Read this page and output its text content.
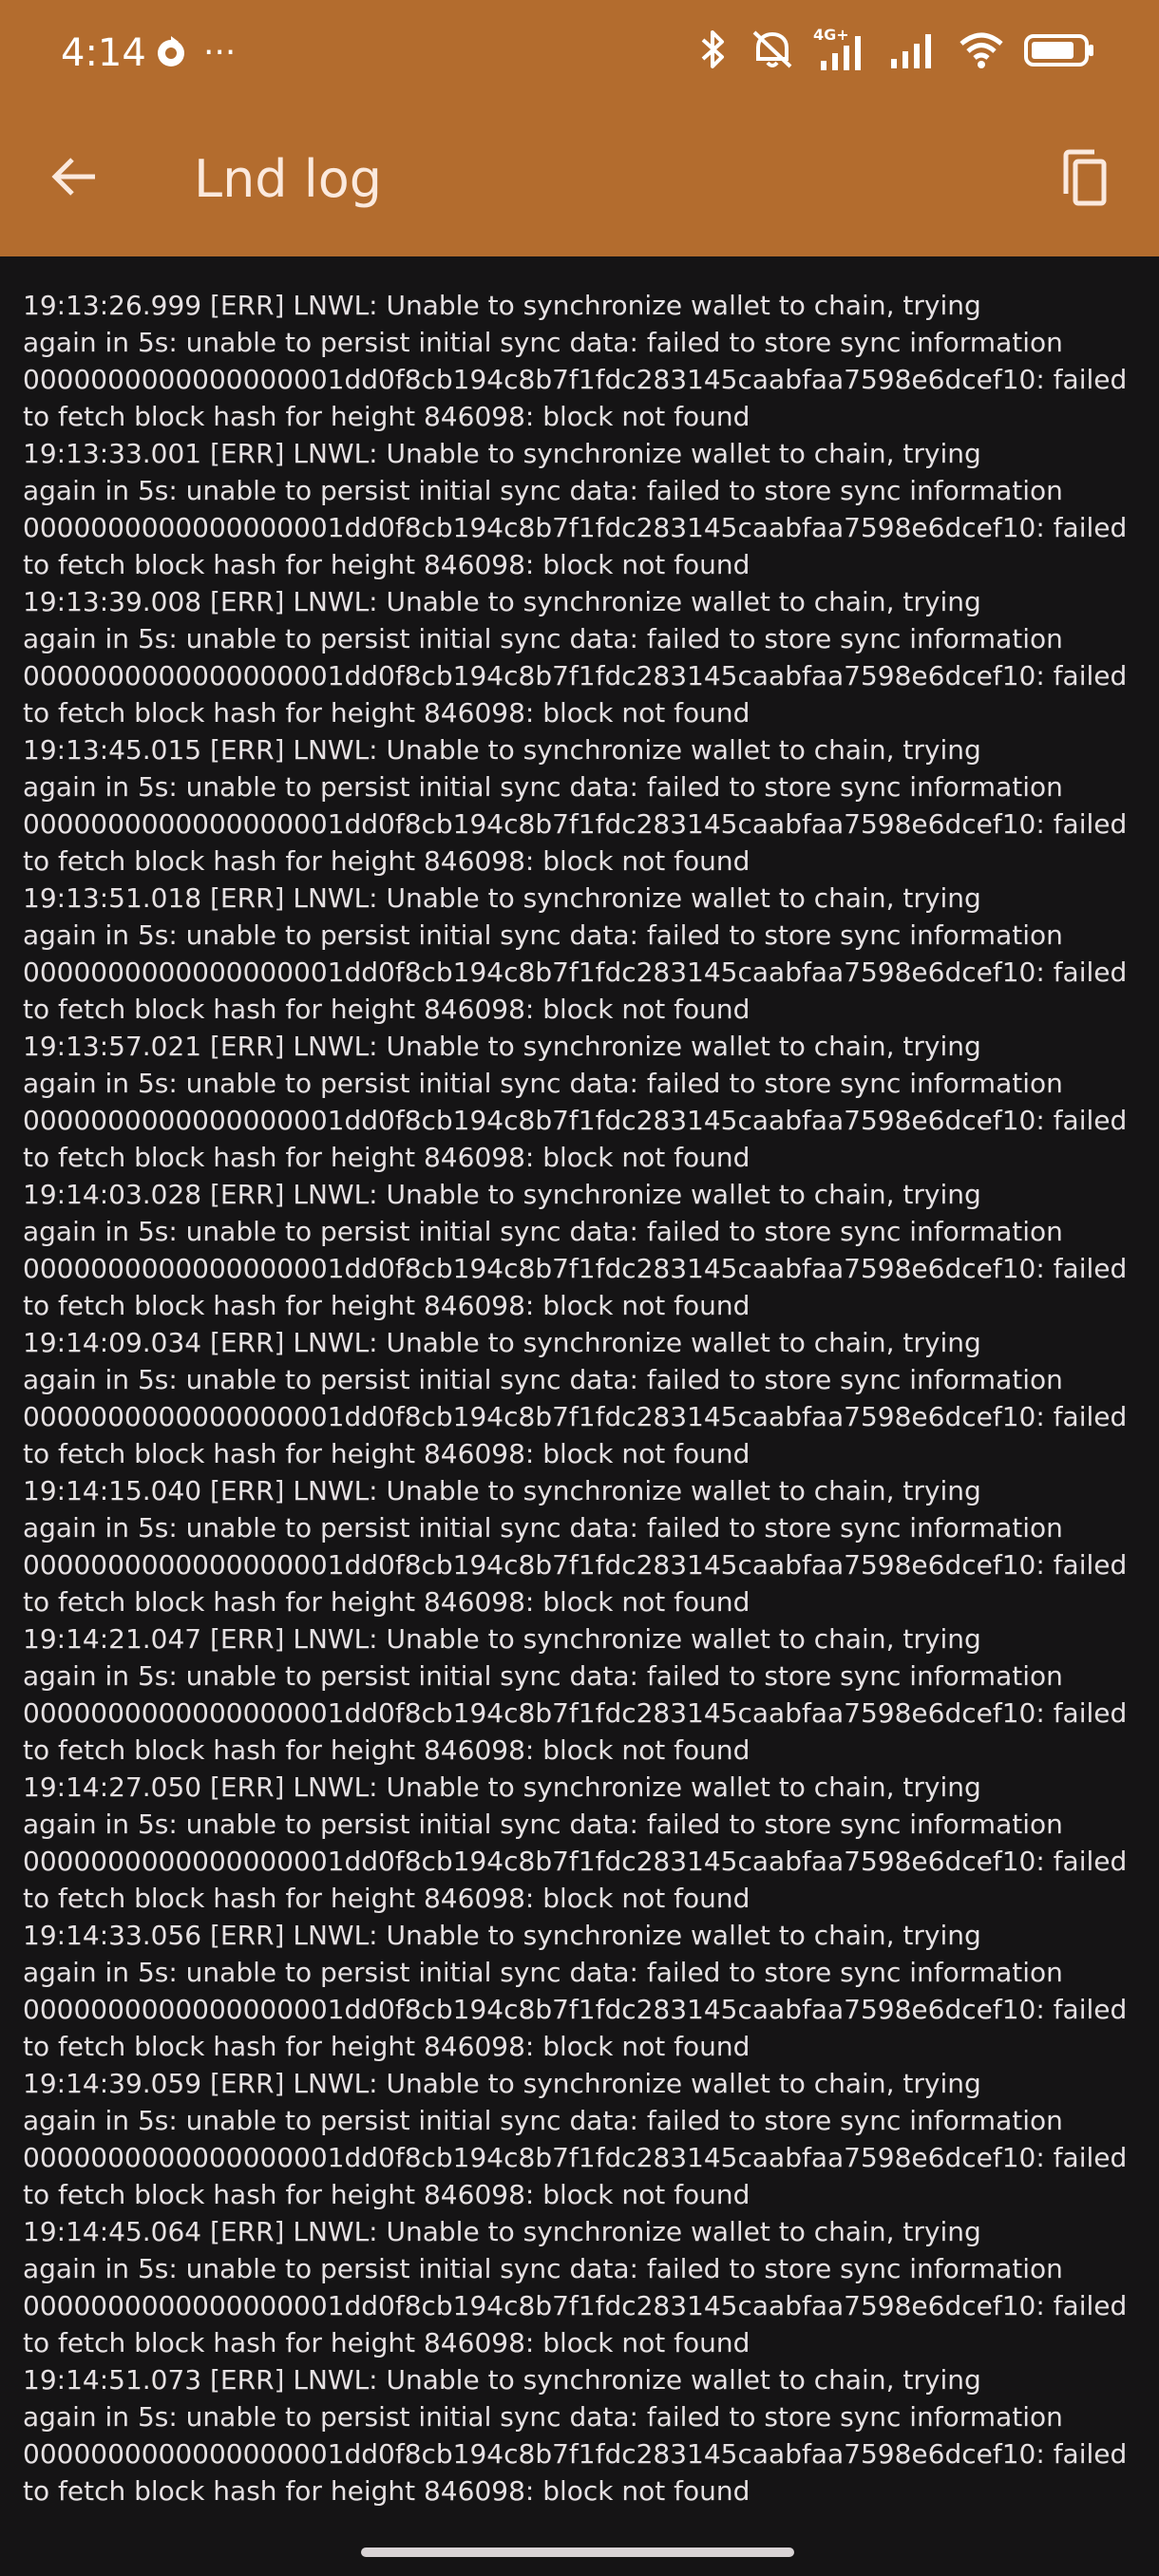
4:14 ···	4G+
Lnd log
19:13:26.999 [ERR] LNWL: Unable to synchronize wallet to chain, trying
again in 5s: unable to persist initial sync data: failed to store sync information
0000000000000000001dd0f8cb194c8b7f1fdc283145caabfaa7598e6dcef10: failed
to fetch block hash for height 846098: block not found
19:13:33.001 [ERR] LNWL: Unable to synchronize wallet to chain, trying
again in 5s: unable to persist initial sync data: failed to store sync information
0000000000000000001dd0f8cb194c8b7f1fdc283145caabfaa7598e6dcef10: failed
to fetch block hash for height 846098: block not found
19:13:39.008 [ERR] LNWL: Unable to synchronize wallet to chain, trying
again in 5s: unable to persist initial sync data: failed to store sync information
0000000000000000001dd0f8cb194c8b7f1fdc283145caabfaa7598e6dcef10: failed
to fetch block hash for height 846098: block not found
19:13:45.015 [ERR] LNWL: Unable to synchronize wallet to chain, trying
again in 5s: unable to persist initial sync data: failed to store sync information
0000000000000000001dd0f8cb194c8b7f1fdc283145caabfaa7598e6dcef10: failed
to fetch block hash for height 846098: block not found
19:13:51.018 [ERR] LNWL: Unable to synchronize wallet to chain, trying
again in 5s: unable to persist initial sync data: failed to store sync information
0000000000000000001dd0f8cb194c8b7f1fdc283145caabfaa7598e6dcef10: failed
to fetch block hash for height 846098: block not found
19:13:57.021 [ERR] LNWL: Unable to synchronize wallet to chain, trying
again in 5s: unable to persist initial sync data: failed to store sync information
0000000000000000001dd0f8cb194c8b7f1fdc283145caabfaa7598e6dcef10: failed
to fetch block hash for height 846098: block not found
19:14:03.028 [ERR] LNWL: Unable to synchronize wallet to chain, trying
again in 5s: unable to persist initial sync data: failed to store sync information
0000000000000000001dd0f8cb194c8b7f1fdc283145caabfaa7598e6dcef10: failed
to fetch block hash for height 846098: block not found
19:14:09.034 [ERR] LNWL: Unable to synchronize wallet to chain, trying
again in 5s: unable to persist initial sync data: failed to store sync information
0000000000000000001dd0f8cb194c8b7f1fdc283145caabfaa7598e6dcef10: failed
to fetch block hash for height 846098: block not found
19:14:15.040 [ERR] LNWL: Unable to synchronize wallet to chain, trying
again in 5s: unable to persist initial sync data: failed to store sync information
0000000000000000001dd0f8cb194c8b7f1fdc283145caabfaa7598e6dcef10: failed
to fetch block hash for height 846098: block not found
19:14:21.047 [ERR] LNWL: Unable to synchronize wallet to chain, trying
again in 5s: unable to persist initial sync data: failed to store sync information
0000000000000000001dd0f8cb194c8b7f1fdc283145caabfaa7598e6dcef10: failed
to fetch block hash for height 846098: block not found
19:14:27.050 [ERR] LNWL: Unable to synchronize wallet to chain, trying
again in 5s: unable to persist initial sync data: failed to store sync information
0000000000000000001dd0f8cb194c8b7f1fdc283145caabfaa7598e6dcef10: failed
to fetch block hash for height 846098: block not found
19:14:33.056 [ERR] LNWL: Unable to synchronize wallet to chain, trying
again in 5s: unable to persist initial sync data: failed to store sync information
0000000000000000001dd0f8cb194c8b7f1fdc283145caabfaa7598e6dcef10: failed
to fetch block hash for height 846098: block not found
19:14:39.059 [ERR] LNWL: Unable to synchronize wallet to chain, trying
again in 5s: unable to persist initial sync data: failed to store sync information
0000000000000000001dd0f8cb194c8b7f1fdc283145caabfaa7598e6dcef10: failed
to fetch block hash for height 846098: block not found
19:14:45.064 [ERR] LNWL: Unable to synchronize wallet to chain, trying
again in 5s: unable to persist initial sync data: failed to store sync information
0000000000000000001dd0f8cb194c8b7f1fdc283145caabfaa7598e6dcef10: failed
to fetch block hash for height 846098: block not found
19:14:51.073 [ERR] LNWL: Unable to synchronize wallet to chain, trying
again in 5s: unable to persist initial sync data: failed to store sync information
0000000000000000001dd0f8cb194c8b7f1fdc283145caabfaa7598e6dcef10: failed
to fetch block hash for height 846098: block not found
